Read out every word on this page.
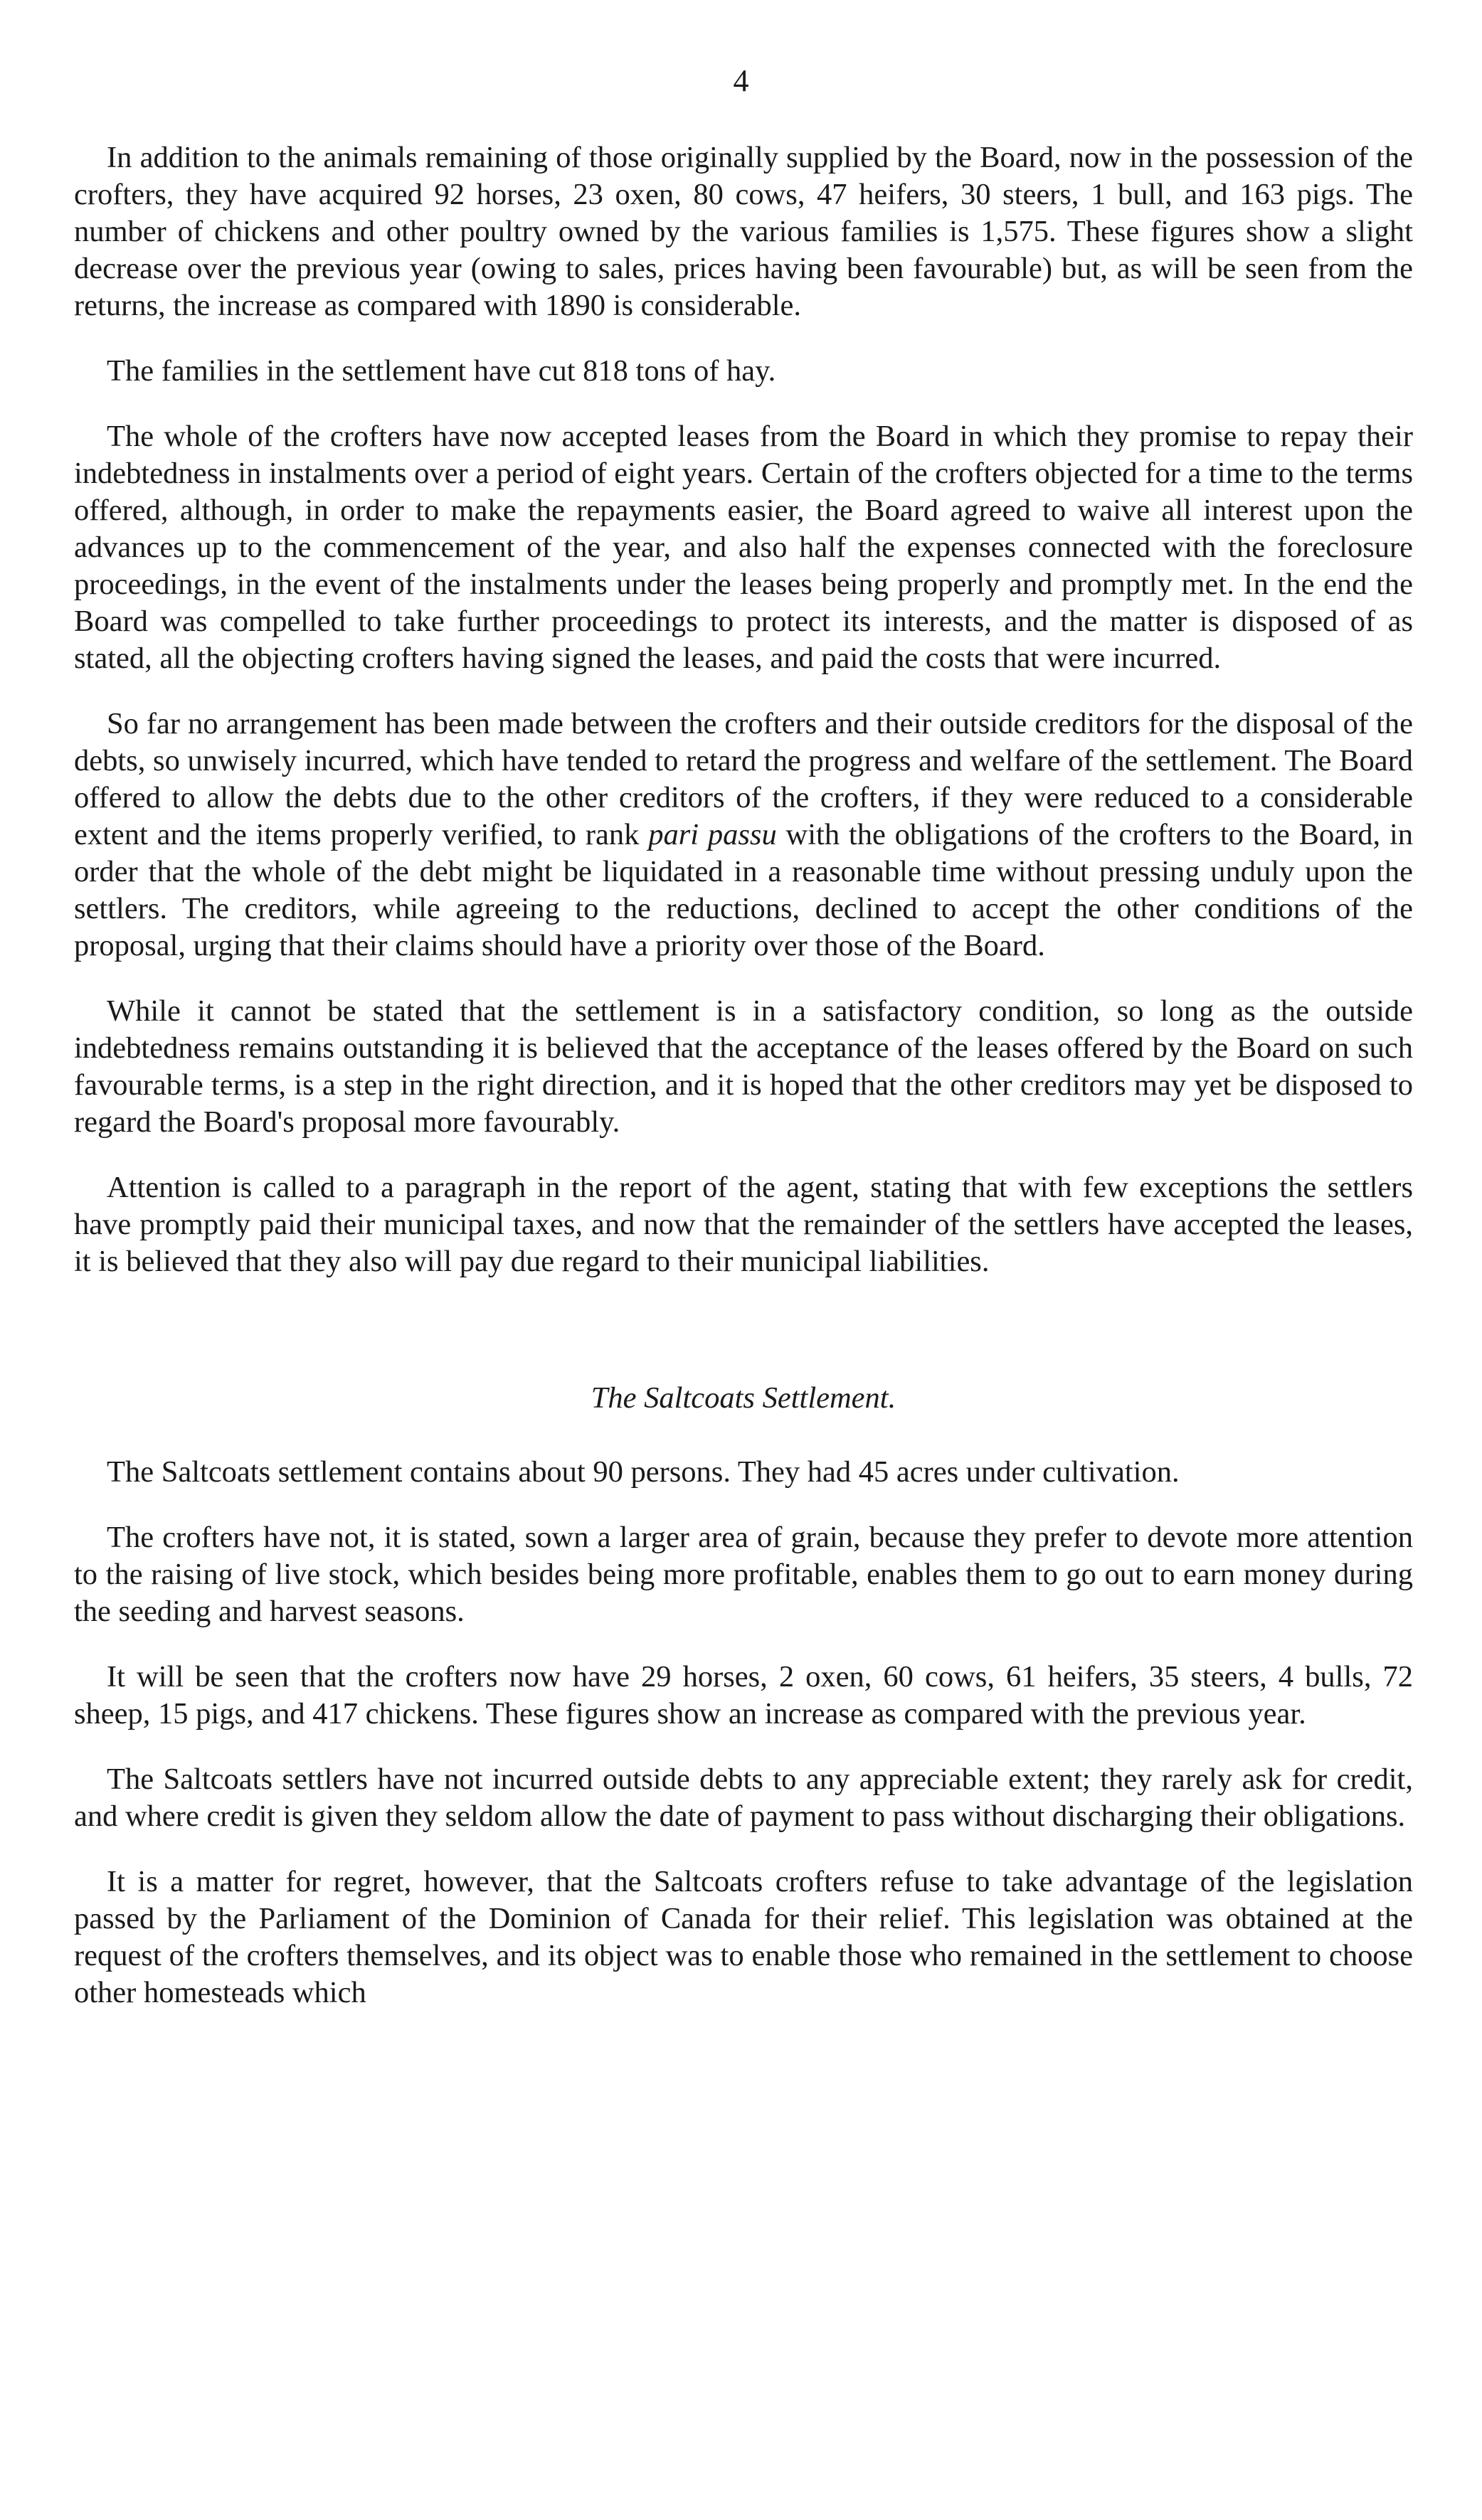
4

In addition to the animals remaining of those originally supplied by the Board, now in the possession of the crofters, they have acquired 92 horses, 23 oxen, 80 cows, 47 heifers, 30 steers, 1 bull, and 163 pigs. The number of chickens and other poultry owned by the various families is 1,575. These figures show a slight decrease over the previous year (owing to sales, prices having been favourable) but, as will be seen from the returns, the increase as compared with 1890 is considerable.

The families in the settlement have cut 818 tons of hay.

The whole of the crofters have now accepted leases from the Board in which they promise to repay their indebtedness in instalments over a period of eight years. Certain of the crofters objected for a time to the terms offered, although, in order to make the repayments easier, the Board agreed to waive all interest upon the advances up to the commencement of the year, and also half the expenses connected with the foreclosure proceedings, in the event of the instalments under the leases being properly and promptly met. In the end the Board was compelled to take further proceedings to protect its interests, and the matter is disposed of as stated, all the objecting crofters having signed the leases, and paid the costs that were incurred.

So far no arrangement has been made between the crofters and their outside creditors for the disposal of the debts, so unwisely incurred, which have tended to retard the progress and welfare of the settlement. The Board offered to allow the debts due to the other creditors of the crofters, if they were reduced to a considerable extent and the items properly verified, to rank pari passu with the obligations of the crofters to the Board, in order that the whole of the debt might be liquidated in a reasonable time without pressing unduly upon the settlers. The creditors, while agreeing to the reductions, declined to accept the other conditions of the proposal, urging that their claims should have a priority over those of the Board.

While it cannot be stated that the settlement is in a satisfactory condition, so long as the outside indebtedness remains outstanding it is believed that the acceptance of the leases offered by the Board on such favourable terms, is a step in the right direction, and it is hoped that the other creditors may yet be disposed to regard the Board's proposal more favourably.

Attention is called to a paragraph in the report of the agent, stating that with few exceptions the settlers have promptly paid their municipal taxes, and now that the remainder of the settlers have accepted the leases, it is believed that they also will pay due regard to their municipal liabilities.

The Saltcoats Settlement.

The Saltcoats settlement contains about 90 persons. They had 45 acres under cultivation.

The crofters have not, it is stated, sown a larger area of grain, because they prefer to devote more attention to the raising of live stock, which besides being more profitable, enables them to go out to earn money during the seeding and harvest seasons.

It will be seen that the crofters now have 29 horses, 2 oxen, 60 cows, 61 heifers, 35 steers, 4 bulls, 72 sheep, 15 pigs, and 417 chickens. These figures show an increase as compared with the previous year.

The Saltcoats settlers have not incurred outside debts to any appreciable extent; they rarely ask for credit, and where credit is given they seldom allow the date of payment to pass without discharging their obligations.

It is a matter for regret, however, that the Saltcoats crofters refuse to take advantage of the legislation passed by the Parliament of the Dominion of Canada for their relief. This legislation was obtained at the request of the crofters themselves, and its object was to enable those who remained in the settlement to choose other homesteads which
